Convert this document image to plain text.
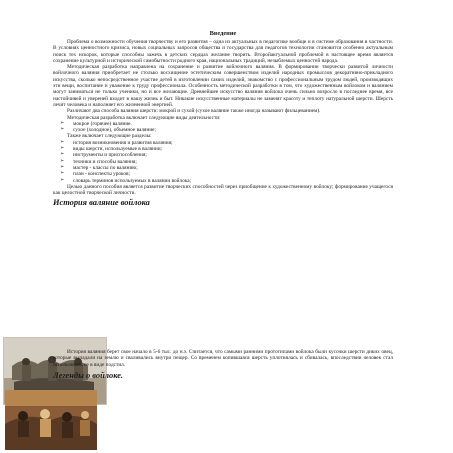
Введение

Проблема о возможности обучения творчеству и его развития – одна из актуальных в педагогике вообще и в системе образования в частности. В условиях ценностного кризиса, новых социальных запросов общества и государства для педагогов технологии становится особенно актуальным поиск тех искорок, которые способны зажечь в детских сердцах желание творить. Второйактуальной проблемой в настоящее время является сохранение культурной и исторической самобытности родного края, национальных традиций, незыблемых ценностей народа.

Методическая разработка направлена на сохранение и развитие войлочного валяния. В формировании творчески развитой личности войлочного валяния приобретает не столько восхищение эстетическим совершенством изделий народных промыслов декоративно-прикладного искусства, сколько непосредственное участие детей в изготовлении самих изделий, знакомство с профессиональным трудом людей, производящих эти вещи, воспитание и уважение к труду профессионала. Особенность методической разработки в том, что художественным войлоком и валянием могут заниматься не только ученики, но и все желающие. Древнейшее искусство валяния войлока очень сильно возросло в последнее время, все настойчивей и увереней входит в нашу жизнь и быт. Никакие искусственные материалы не заменят красоту и теплоту натуральной шерсти. Шерсть лечит человека и наполняет его жизненной энергией.

Различают два способа валяния шерсти: мокрой и сухой (сухое валяние также иногда называют фильцеванием).

Методическая разработка включает следующие виды деятельности:

➢ мокрое (горячее) валяние.
➢ сухое (холодное), объемное валяние;

Также включает следующие разделы:

➢ история возникновения и развития валяния;
➢ виды шерсти, используемые в валянии;
➢ инструменты и приспособления;
➢ техники и способы валяния;
➢ мастер - классы по валянию;
➢ план - конспекты уроков;
➢ словарь терминов используемых в валянии войлока;

Целью данного пособия является развитие творческих способностей через приобщение к художественному войлоку; формирование учащегося как целостной творческой личности.

История валяние войлока

История валяния берет свое начало в 5-6 тыс. до н.э. Считается, что самыми ранними прототипами войлока были кусочки шерсти диких овец, которые выпадали на землю и сваливались внутри пещер. Со временем копившаяся шерсть уплотнялась и сбивалась, впоследствии человек стал использовать ее в виде подстил.

Легенды о войлоке.
